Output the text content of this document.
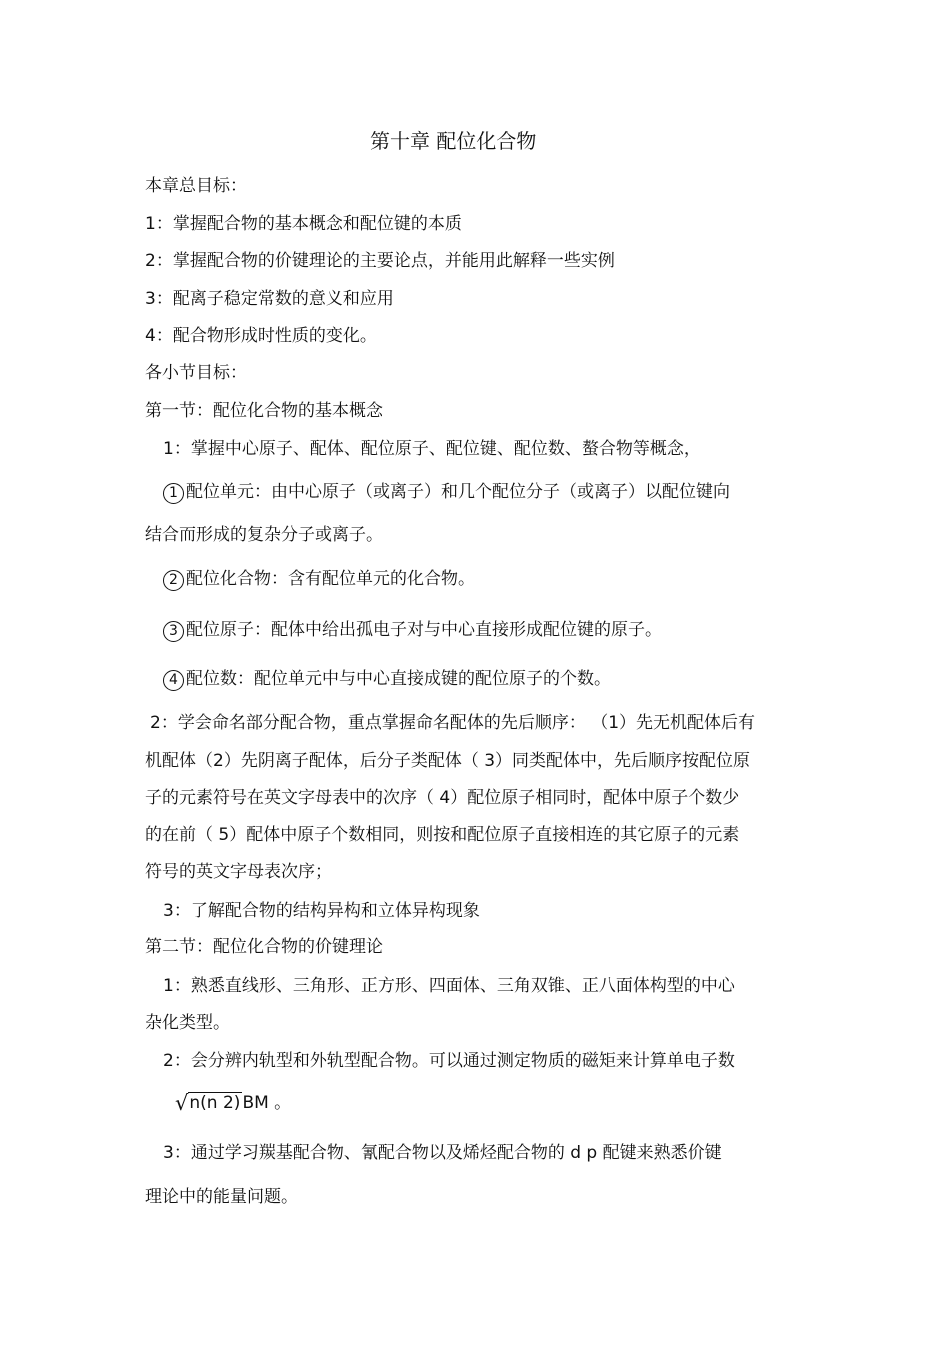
第十章 配位化合物
本章总目标：
1：掌握配合物的基本概念和配位键的本质
2：掌握配合物的价键理论的主要论点，并能用此解释一些实例
3：配离子稳定常数的意义和应用
4：配合物形成时性质的变化。
各小节目标：
第一节：配位化合物的基本概念
1：掌握中心原子、配体、配位原子、配位键、配位数、螯合物等概念，
1 配位单元：由中心原子（或离子）和几个配位分子（或离子）以配位键向
结合而形成的复杂分子或离子。
2 配位化合物：含有配位单元的化合物。
3 配位原子：配体中给出孤电子对与中心直接形成配位键的原子。
4 配位数：配位单元中与中心直接成键的配位原子的个数。
2：学会命名部分配合物，重点掌握命名配体的先后顺序： （1）先无机配体后有
机配体（2）先阴离子配体，后分子类配体（ 3）同类配体中，先后顺序按配位原
子的元素符号在英文字母表中的次序（ 4）配位原子相同时，配体中原子个数少
的在前（ 5）配体中原子个数相同，则按和配位原子直接相连的其它原子的元素
符号的英文字母表次序；
3：了解配合物的结构异构和立体异构现象
第二节：配位化合物的价键理论
1：熟悉直线形、三角形、正方形、四面体、三角双锥、正八面体构型的中心
杂化类型。
2：会分辨内轨型和外轨型配合物。可以通过测定物质的磁矩来计算单电子数
√n(n 2) BM 。
3：通过学习羰基配合物、氰配合物以及烯烃配合物的 d p 配键来熟悉价键
理论中的能量问题。
